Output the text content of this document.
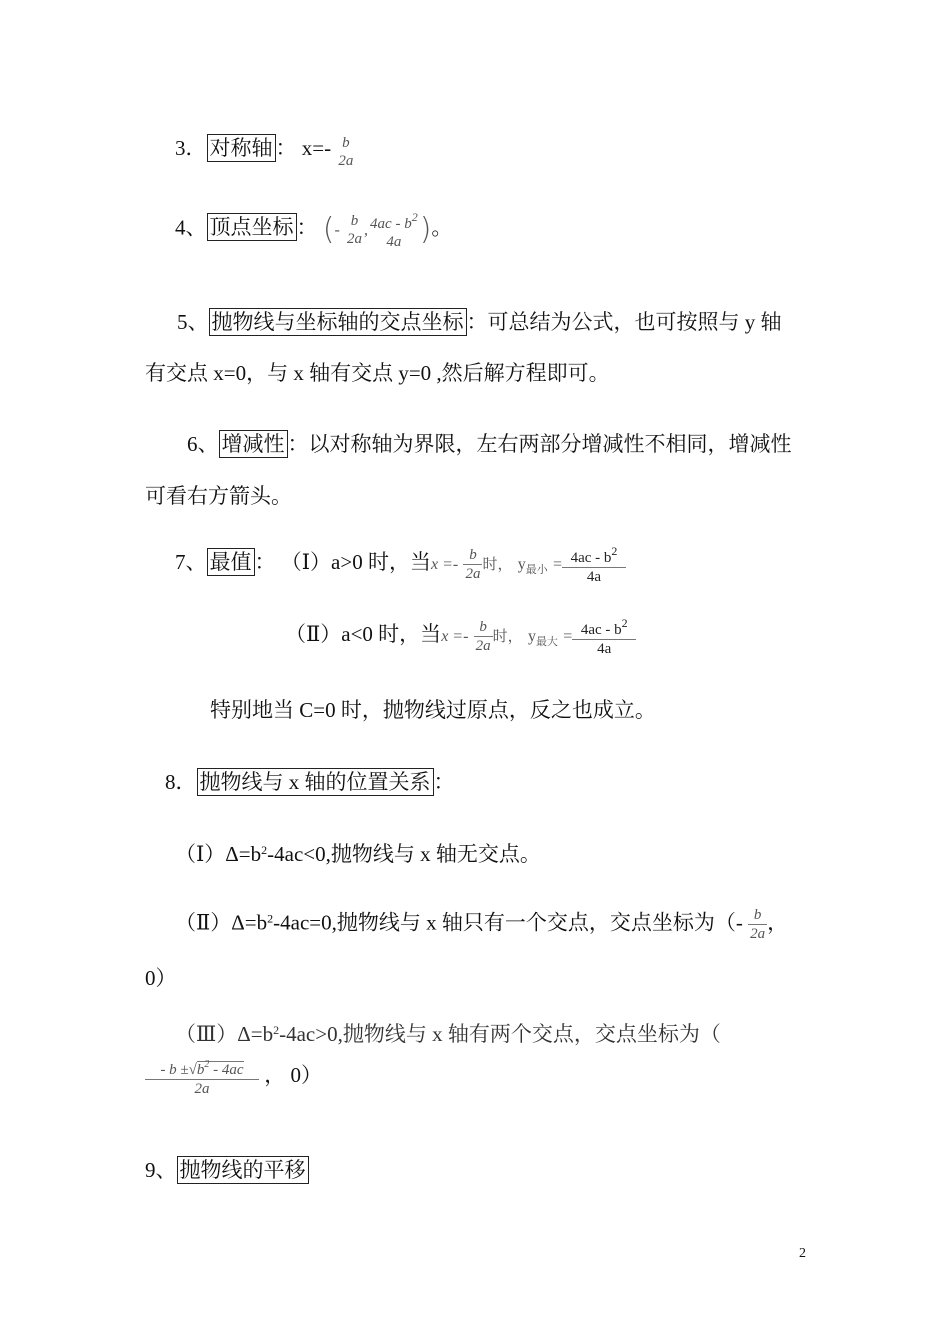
3． 对称轴 ： x=- b
2a
4、 顶点坐标 ： (-
b
2a
, $4ac - b^2$
4a )。
5、 抛物线与坐标轴的交点坐标 ：可总结为公式，也可按照与 y 轴
有交点 x=0，与 x 轴有交点 y=0 ,然后解方程即可。
6、 增减性 ：以对称轴为界限，左右两部分增减性不相同，增减性
可看右方箭头。
7、 最值 ： （Ⅰ）a>0 时，当$x =- \frac{b}{2a}$ 时， $y_{最小} = \frac{4ac - b^2}{4a}$
（Ⅱ）a<0 时，当$x =- \frac{b}{2a}$ 时， $y_{最大} = \frac{4ac - b^2}{4a}$
特别地当 C=0 时，抛物线过原点，反之也成立。
8． 抛物线与 x 轴的位置关系 ：
$(Ⅰ)\Delta=b^2-4ac<0$,抛物线与 x 轴无交点。
$(Ⅱ)\Delta=b^2-4ac=0$,抛物线与 x 轴只有一个交点，交点坐标为（- $\frac{b}{2a}$ ，
0）
$(Ⅲ)\Delta=b^2-4ac>0$,抛物线与 x 轴有两个交点，交点坐标为（
$\frac{- b \pm√b^2 - 4ac}{2a}$ ， 0）
9、 抛物线的平移
2
